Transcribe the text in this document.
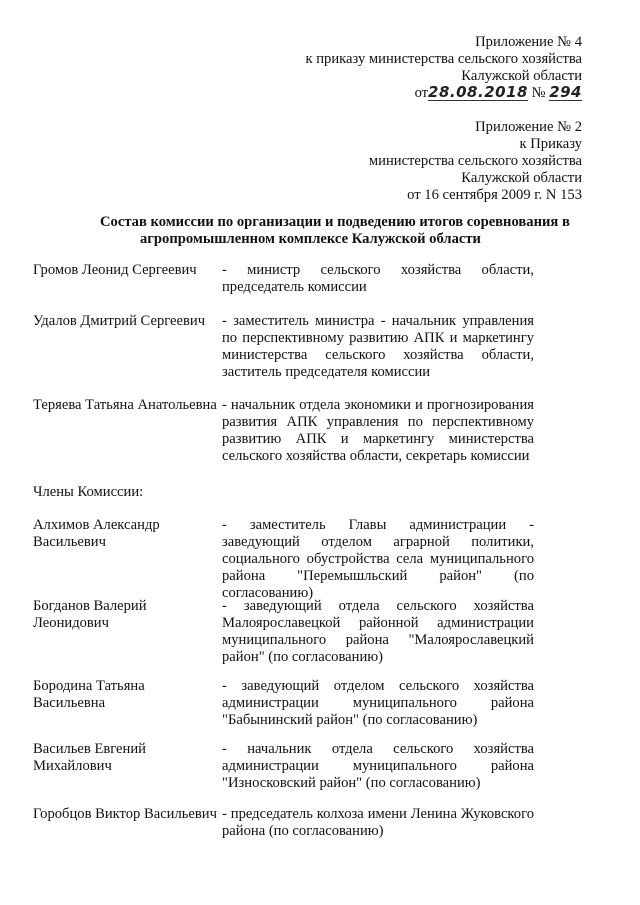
Приложение № 4
к приказу министерства сельского хозяйства
Калужской области
от28.08.2018 № 294
Приложение № 2
к Приказу
министерства сельского хозяйства
Калужской области
от 16 сентября 2009 г. N 153
Состав комиссии по организации и подведению итогов соревнования в
агропромышленном комплексе Калужской области
Громов Леонид Сергеевич	- министр сельского хозяйства области, председатель комиссии
Удалов Дмитрий Сергеевич	- заместитель министра - начальник управления по перспективному развитию АПК и маркетингу министерства сельского хозяйства области, заститель председателя комиссии
Теряева Татьяна Анатольевна - начальник отдела экономики и прогнозирования развития АПК управления по перспективному развитию АПК и маркетингу министерства сельского хозяйства области, секретарь комиссии
Члены Комиссии:
Алхимов Александр
Васильевич
- заместитель Главы администрации - заведующий отделом аграрной политики, социального обустройства села муниципального района "Перемышльский район" (по согласованию)
Богданов Валерий
Леонидович
- заведующий отдела сельского хозяйства Малоярославецкой районной администрации муниципального района "Малоярославецкий район" (по согласованию)
Бородина Татьяна
Васильевна
- заведующий отделом сельского хозяйства администрации муниципального района "Бабынинский район" (по согласованию)
Васильев Евгений
Михайлович
- начальник отдела сельского хозяйства администрации муниципального района "Износковский район" (по согласованию)
Горобцов Виктор Васильевич - председатель колхоза имени Ленина Жуковского района (по согласованию)
